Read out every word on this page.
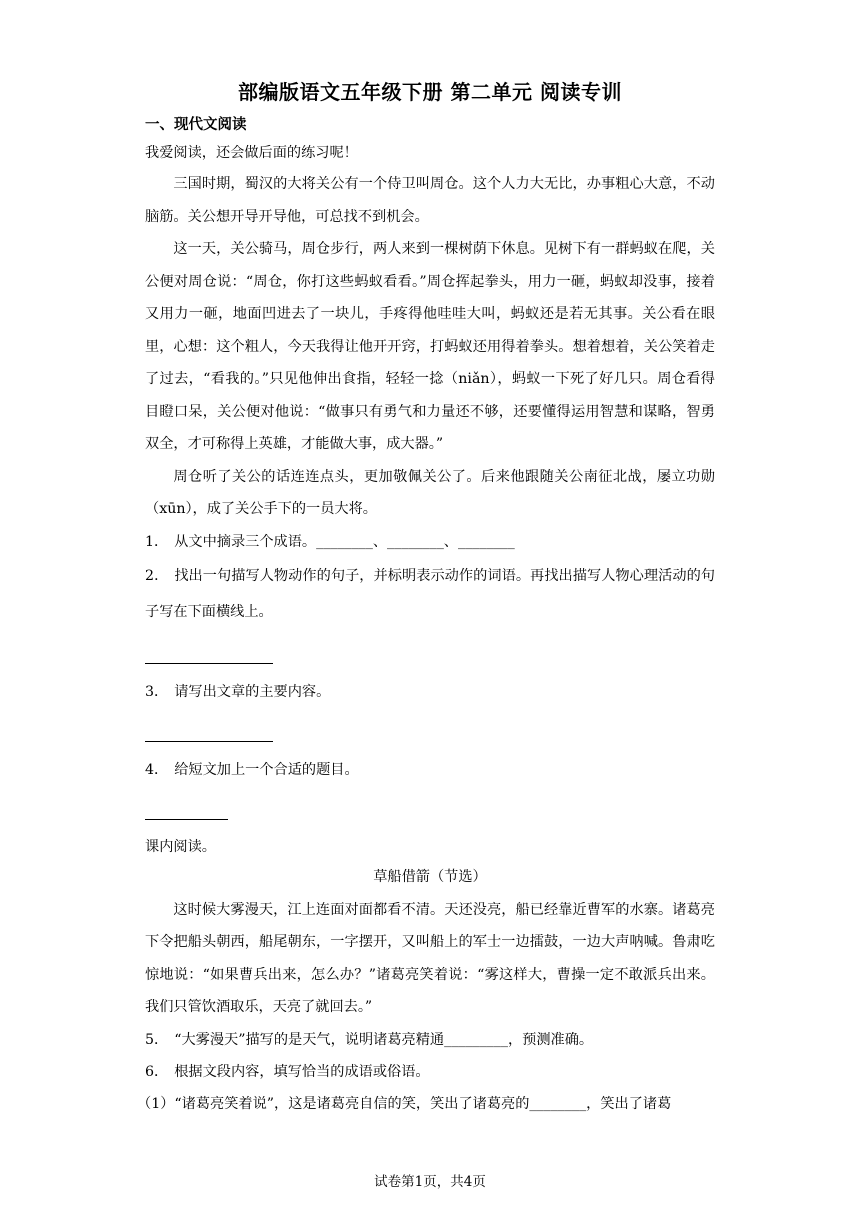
部编版语文五年级下册 第二单元 阅读专训
一、现代文阅读
我爱阅读，还会做后面的练习呢！

三国时期，蜀汉的大将关公有一个侍卫叫周仓。这个人力大无比，办事粗心大意，不动脑筋。关公想开导开导他，可总找不到机会。

这一天，关公骑马，周仓步行，两人来到一棵树荫下休息。见树下有一群蚂蚁在爬，关公便对周仓说：“周仓，你打这些蚂蚁看看。”周仓挥起拳头，用力一砸，蚂蚁却没事，接着又用力一砸，地面凹进去了一块儿，手疼得他哇哇大叫，蚂蚁还是若无其事。关公看在眼里，心想：这个粗人，今天我得让他开开窍，打蚂蚁还用得着拳头。想着想着，关公笑着走了过去，“看我的。”只见他伸出食指，轻轻一捻（niǎn），蚂蚁一下死了好几只。周仓看得目瞪口呆，关公便对他说：“做事只有勇气和力量还不够，还要懂得运用智慧和谋略，智勇双全，才可称得上英雄，才能做大事，成大器。”

周仓听了关公的话连连点头，更加敬佩关公了。后来他跟随关公南征北战，屡立功勋（xūn），成了关公手下的一员大将。

1． 从文中摘录三个成语。________、________、________

2． 找出一句描写人物动作的句子，并标明表示动作的词语。再找出描写人物心理活动的句子写在下面横线上。

3． 请写出文章的主要内容。

4． 给短文加上一个合适的题目。

课内阅读。
草船借箭（节选）

这时候大雾漫天，江上连面对面都看不清。天还没亮，船已经靠近曹军的水寨。诸葛亮下令把船头朝西，船尾朝东，一字摆开，又叫船上的军士一边擂鼓，一边大声呐喊。鲁肃吃惊地说：“如果曹兵出来，怎么办？”诸葛亮笑着说：“雾这样大，曹操一定不敢派兵出来。我们只管饮酒取乐，天亮了就回去。”

5． “大雾漫天”描写的是天气，说明诸葛亮精通_________，预测准确。

6． 根据文段内容，填写恰当的成语或俗语。

（1）“诸葛亮笑着说”，这是诸葛亮自信的笑，笑出了诸葛亮的________，笑出了诸葛

试卷第1页，共4页
